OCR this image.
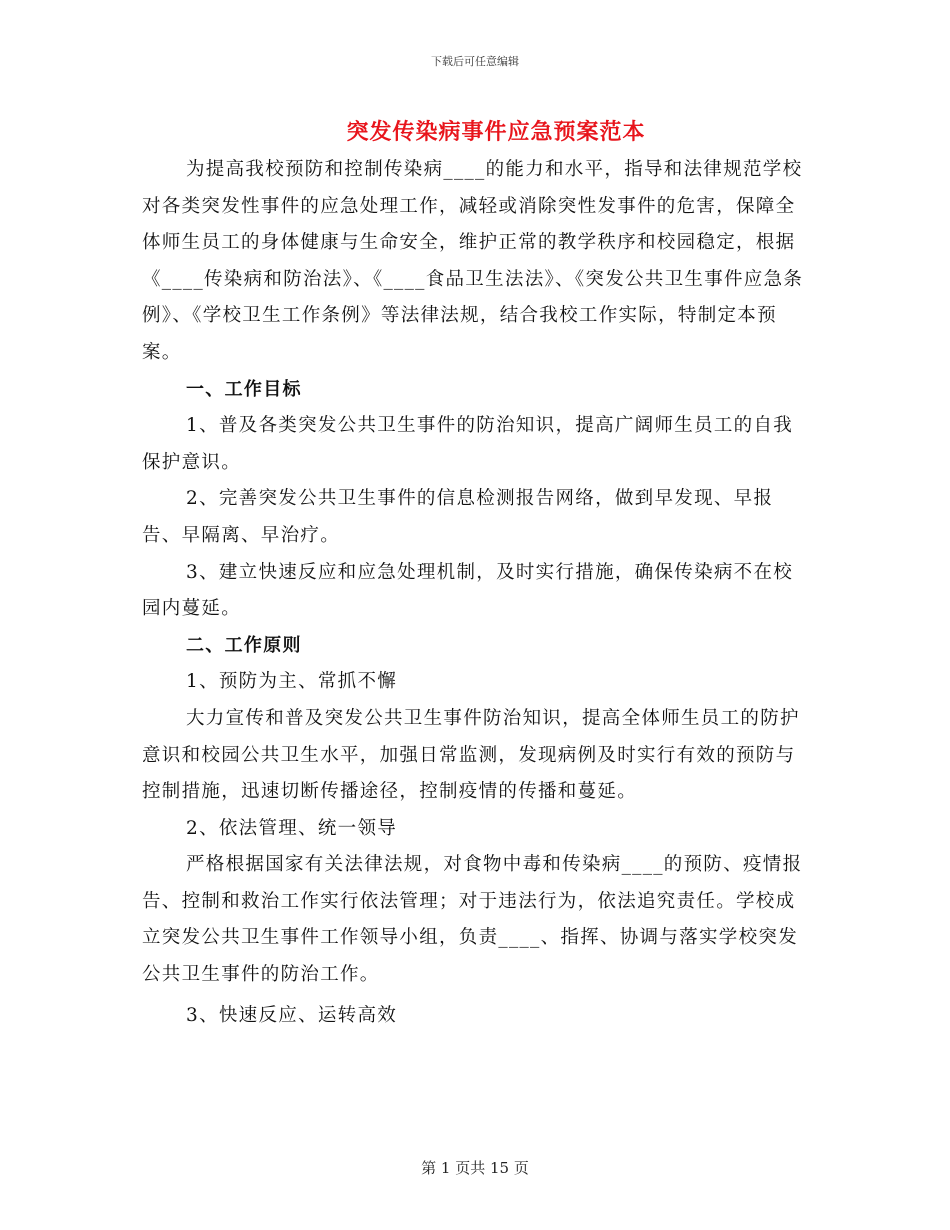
下载后可任意编辑
突发传染病事件应急预案范本

为提高我校预防和控制传染病____的能力和水平，指导和法律规范学校对各类突发性事件的应急处理工作，减轻或消除突性发事件的危害，保障全体师生员工的身体健康与生命安全，维护正常的教学秩序和校园稳定，根据《____传染病和防治法》、《____食品卫生法法》、《突发公共卫生事件应急条例》、《学校卫生工作条例》等法律法规，结合我校工作实际，特制定本预案。

一、工作目标

1、普及各类突发公共卫生事件的防治知识，提高广阔师生员工的自我保护意识。

2、完善突发公共卫生事件的信息检测报告网络，做到早发现、早报告、早隔离、早治疗。

3、建立快速反应和应急处理机制，及时实行措施，确保传染病不在校园内蔓延。

二、工作原则

1、预防为主、常抓不懈

大力宣传和普及突发公共卫生事件防治知识，提高全体师生员工的防护意识和校园公共卫生水平，加强日常监测，发现病例及时实行有效的预防与控制措施，迅速切断传播途径，控制疫情的传播和蔓延。

2、依法管理、统一领导

严格根据国家有关法律法规，对食物中毒和传染病____的预防、疫情报告、控制和救治工作实行依法管理；对于违法行为，依法追究责任。学校成立突发公共卫生事件工作领导小组，负责____、指挥、协调与落实学校突发公共卫生事件的防治工作。

3、快速反应、运转高效

第 1 页共 15 页
